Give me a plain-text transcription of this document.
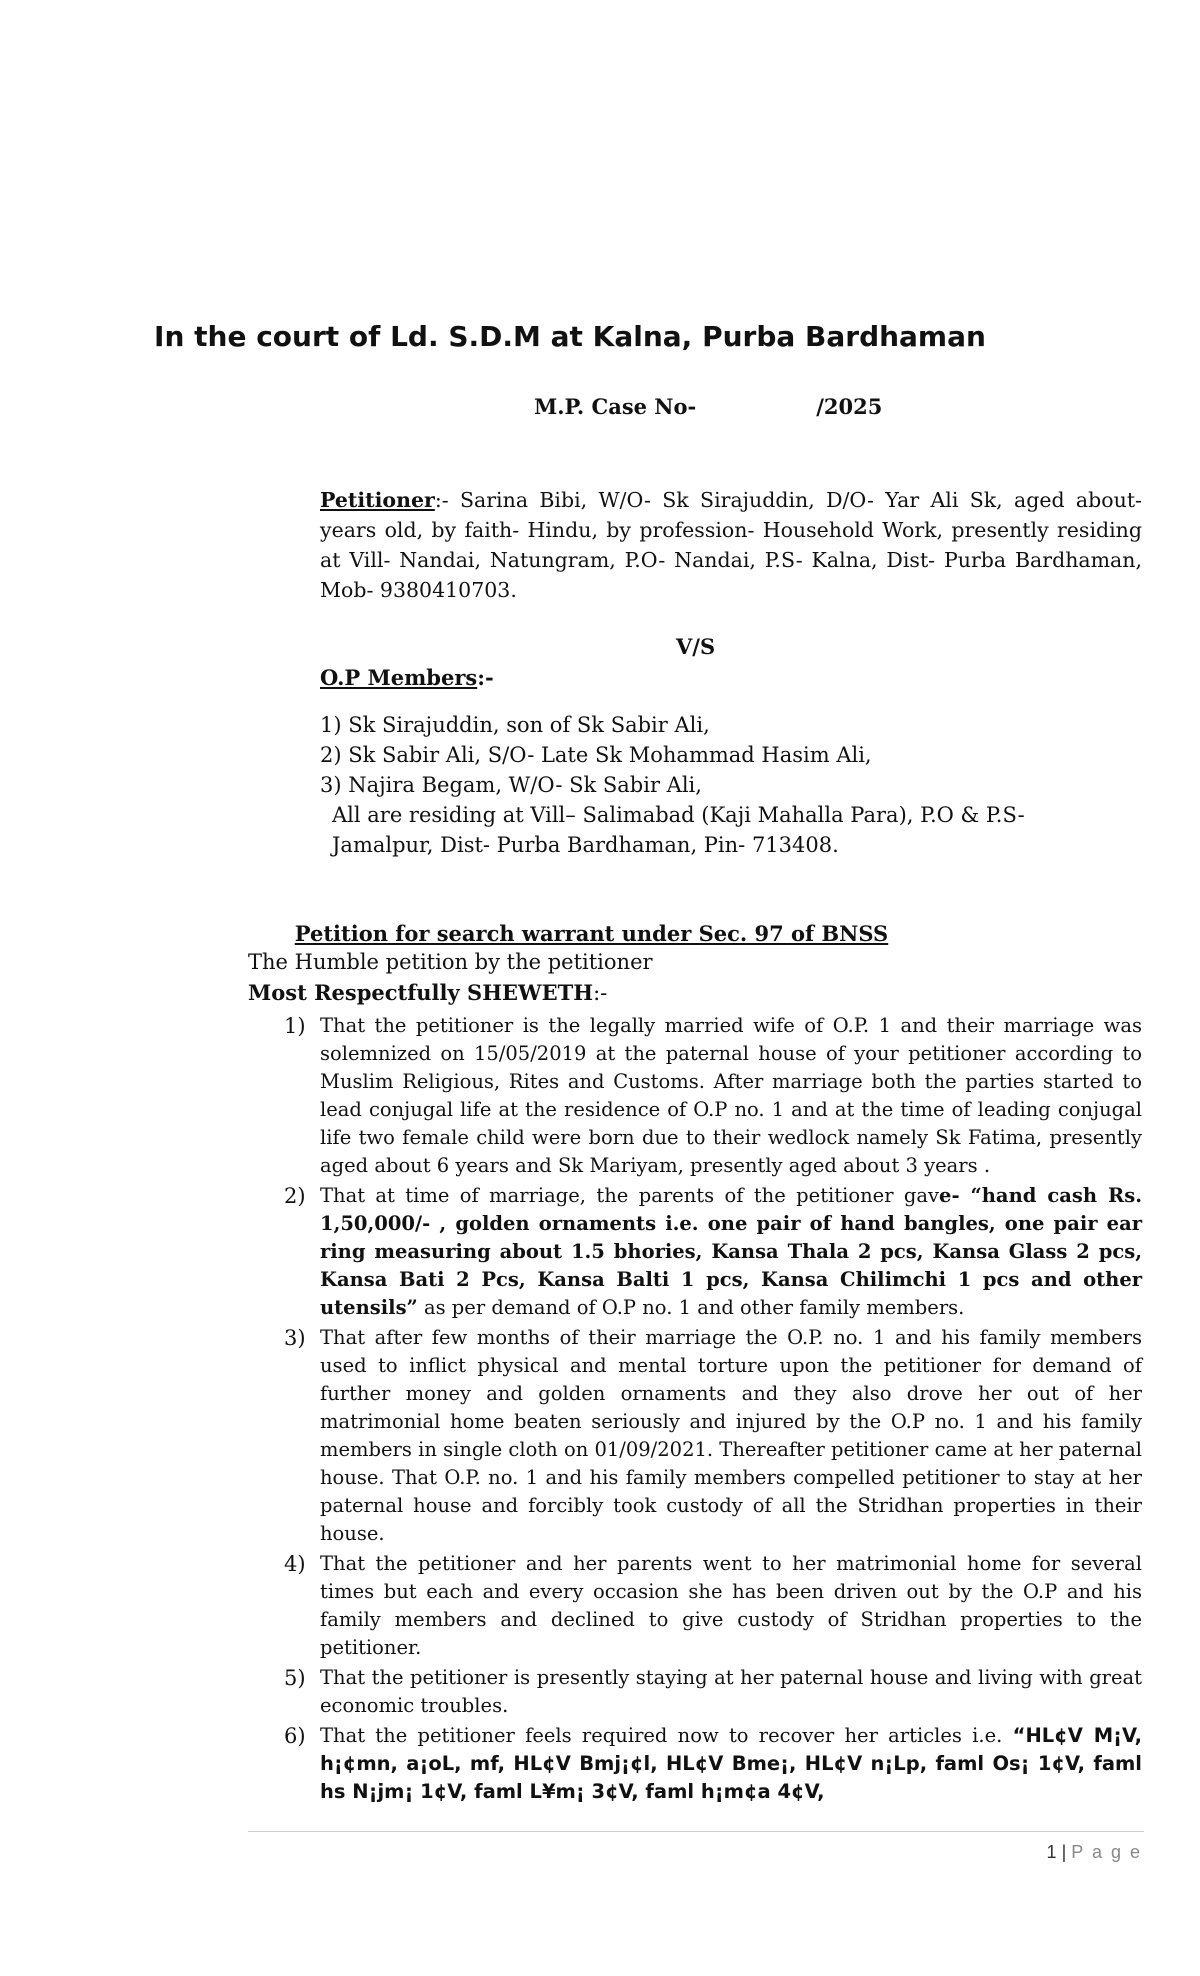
In the court of Ld. S.D.M at Kalna, Purba Bardhaman
M.P. Case No-	/2025
Petitioner:- Sarina Bibi, W/O- Sk Sirajuddin, D/O- Yar Ali Sk, aged about- years old, by faith- Hindu, by profession- Household Work, presently residing at Vill- Nandai, Natungram, P.O- Nandai, P.S- Kalna, Dist- Purba Bardhaman, Mob- 9380410703.
V/S
O.P Members:-
1) Sk Sirajuddin, son of Sk Sabir Ali,
2) Sk Sabir Ali, S/O- Late Sk Mohammad Hasim Ali,
3) Najira Begam, W/O- Sk Sabir Ali,
All are residing at Vill– Salimabad (Kaji Mahalla Para), P.O & P.S-
Jamalpur, Dist- Purba Bardhaman, Pin- 713408.
Petition for search warrant under Sec. 97 of BNSS
The Humble petition by the petitioner
Most Respectfully SHEWETH:-
1) That the petitioner is the legally married wife of O.P. 1 and their marriage was solemnized on 15/05/2019 at the paternal house of your petitioner according to Muslim Religious, Rites and Customs. After marriage both the parties started to lead conjugal life at the residence of O.P no. 1 and at the time of leading conjugal life two female child were born due to their wedlock namely Sk Fatima, presently aged about 6 years and Sk Mariyam, presently aged about 3 years .
2) That at time of marriage, the parents of the petitioner gave- “hand cash Rs. 1,50,000/- , golden ornaments i.e. one pair of hand bangles, one pair ear ring measuring about 1.5 bhories, Kansa Thala 2 pcs, Kansa Glass 2 pcs, Kansa Bati 2 Pcs, Kansa Balti 1 pcs, Kansa Chilimchi 1 pcs and other utensils” as per demand of O.P no. 1 and other family members.
3) That after few months of their marriage the O.P. no. 1 and his family members used to inflict physical and mental torture upon the petitioner for demand of further money and golden ornaments and they also drove her out of her matrimonial home beaten seriously and injured by the O.P no. 1 and his family members in single cloth on 01/09/2021. Thereafter petitioner came at her paternal house. That O.P. no. 1 and his family members compelled petitioner to stay at her paternal house and forcibly took custody of all the Stridhan properties in their house.
4) That the petitioner and her parents went to her matrimonial home for several times but each and every occasion she has been driven out by the O.P and his family members and declined to give custody of Stridhan properties to the petitioner.
5) That the petitioner is presently staying at her paternal house and living with great economic troubles.
6) That the petitioner feels required now to recover her articles i.e. “HL¢V M¡V, h¡¢mn, a¡oL, mf, HL¢V Bmj¡¢l, HL¢V Bme¡, HL¢V n¡Lp, faml Os¡ 1¢V, faml hs N¡jm¡ 1¢V, faml L¥m¡ 3¢V, faml h¡m¢a 4¢V,
1 | P a g e
